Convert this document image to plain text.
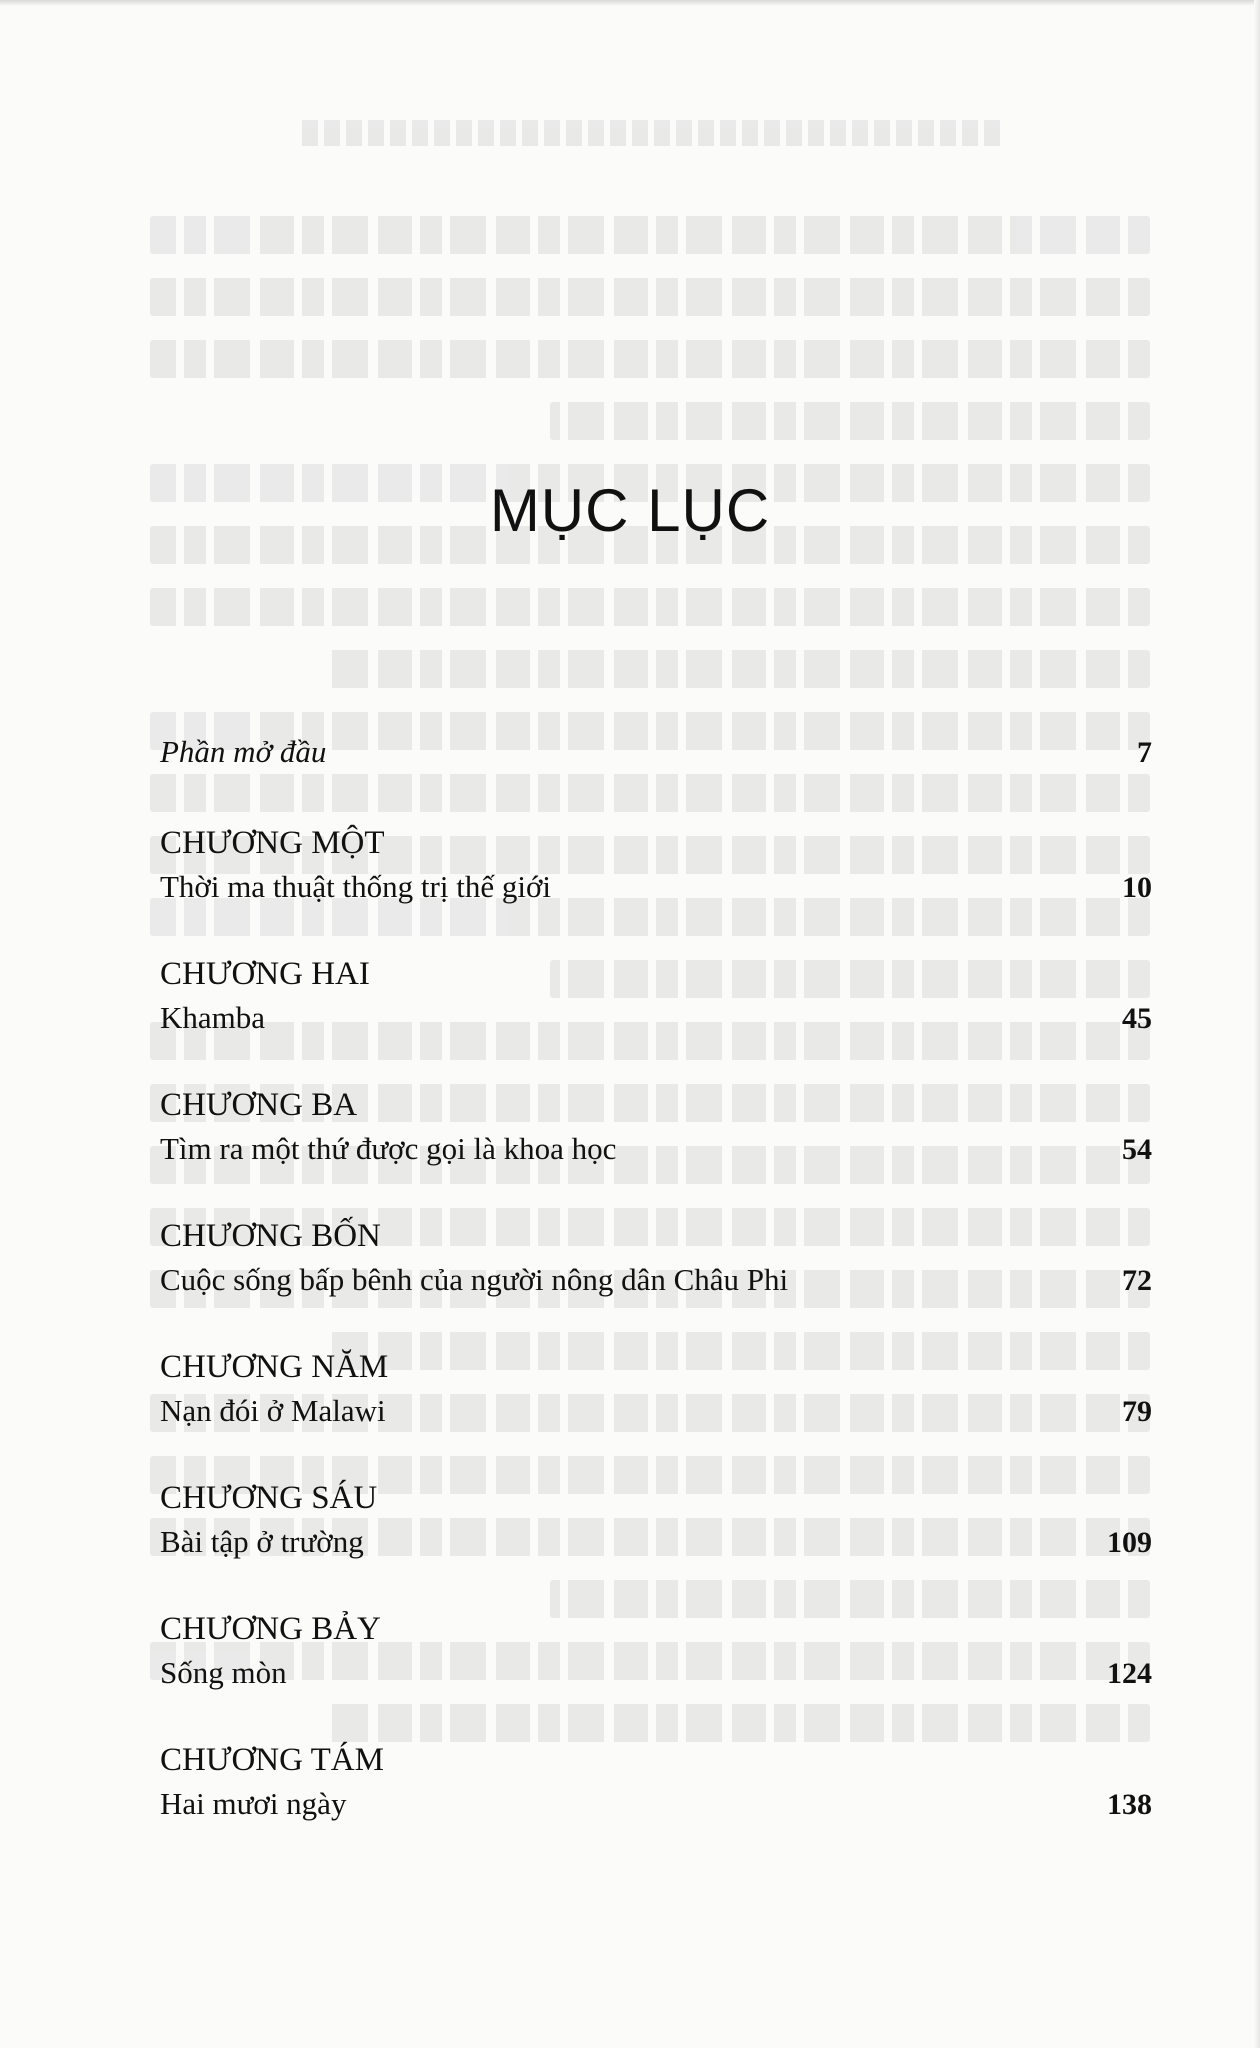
MỤC LỤC
Phần mở đầu	7
CHƯƠNG MỘT
Thời ma thuật thống trị thế giới	10
CHƯƠNG HAI
Khamba	45
CHƯƠNG BA
Tìm ra một thứ được gọi là khoa học	54
CHƯƠNG BỐN
Cuộc sống bấp bênh của người nông dân Châu Phi	72
CHƯƠNG NĂM
Nạn đói ở Malawi	79
CHƯƠNG SÁU
Bài tập ở trường	109
CHƯƠNG BẢY
Sống mòn	124
CHƯƠNG TÁM
Hai mươi ngày	138
